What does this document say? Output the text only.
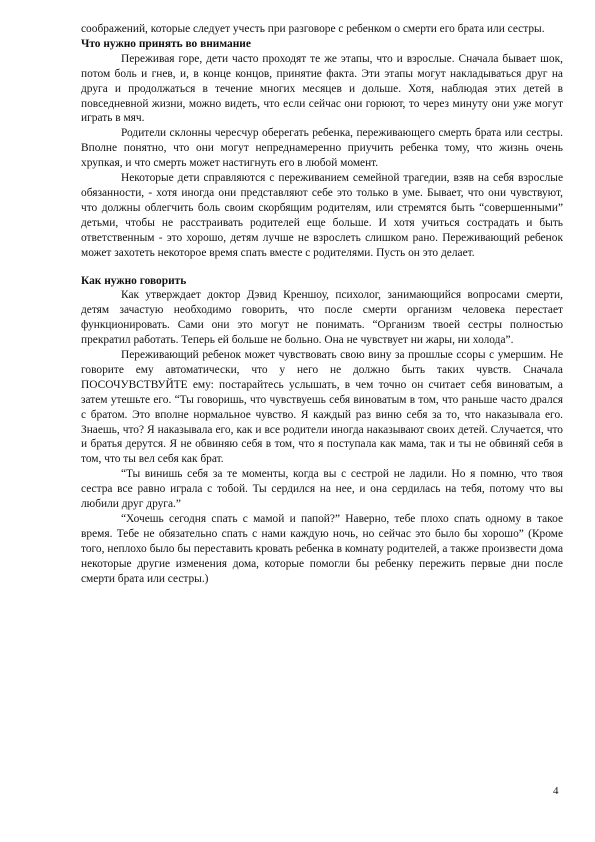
соображений, которые следует учесть при разговоре с ребенком о смерти его брата или сестры.

Что нужно принять во внимание

Переживая горе, дети часто проходят те же этапы, что и взрослые. Сначала бывает шок, потом боль и гнев, и, в конце концов, принятие факта. Эти этапы могут накладываться друг на друга и продолжаться в течение многих месяцев и дольше. Хотя, наблюдая этих детей в повседневной жизни, можно видеть, что если сейчас они горюют, то через минуту они уже могут играть в мяч.

Родители склонны чересчур оберегать ребенка, переживающего смерть брата или сестры. Вполне понятно, что они могут непреднамеренно приучить ребенка тому, что жизнь очень хрупкая, и что смерть может настигнуть его в любой момент.

Некоторые дети справляются с переживанием семейной трагедии, взяв на себя взрослые обязанности, - хотя иногда они представляют себе это только в уме. Бывает, что они чувствуют, что должны облегчить боль своим скорбящим родителям, или стремятся быть “совершенными” детьми, чтобы не расстраивать родителей еще больше. И хотя учиться сострадать и быть ответственным - это хорошо, детям лучше не взрослеть слишком рано. Переживающий ребенок может захотеть некоторое время спать вместе с родителями. Пусть он это делает.

Как нужно говорить

Как утверждает доктор Дэвид Креншоу, психолог, занимающийся вопросами смерти, детям зачастую необходимо говорить, что после смерти организм человека перестает функционировать. Сами они это могут не понимать. “Организм твоей сестры полностью прекратил работать. Теперь ей больше не больно. Она не чувствует ни жары, ни холода”.

Переживающий ребенок может чувствовать свою вину за прошлые ссоры с умершим. Не говорите ему автоматически, что у него не должно быть таких чувств. Сначала ПОСОЧУВСТВУЙТЕ ему: постарайтесь услышать, в чем точно он считает себя виноватым, а затем утешьте его. “Ты говоришь, что чувствуешь себя виноватым в том, что раньше часто дрался с братом. Это вполне нормальное чувство. Я каждый раз виню себя за то, что наказывала его. Знаешь, что? Я наказывала его, как и все родители иногда наказывают своих детей. Случается, что и братья дерутся. Я не обвиняю себя в том, что я поступала как мама, так и ты не обвиняй себя в том, что ты вел себя как брат.

“Ты винишь себя за те моменты, когда вы с сестрой не ладили. Но я помню, что твоя сестра все равно играла с тобой. Ты сердился на нее, и она сердилась на тебя, потому что вы любили друг друга.”

“Хочешь сегодня спать с мамой и папой?” Наверно, тебе плохо спать одному в такое время. Тебе не обязательно спать с нами каждую ночь, но сейчас это было бы хорошо” (Кроме того, неплохо было бы переставить кровать ребенка в комнату родителей, а также произвести дома некоторые другие изменения дома, которые помогли бы ребенку пережить первые дни после смерти брата или сестры.)

4
